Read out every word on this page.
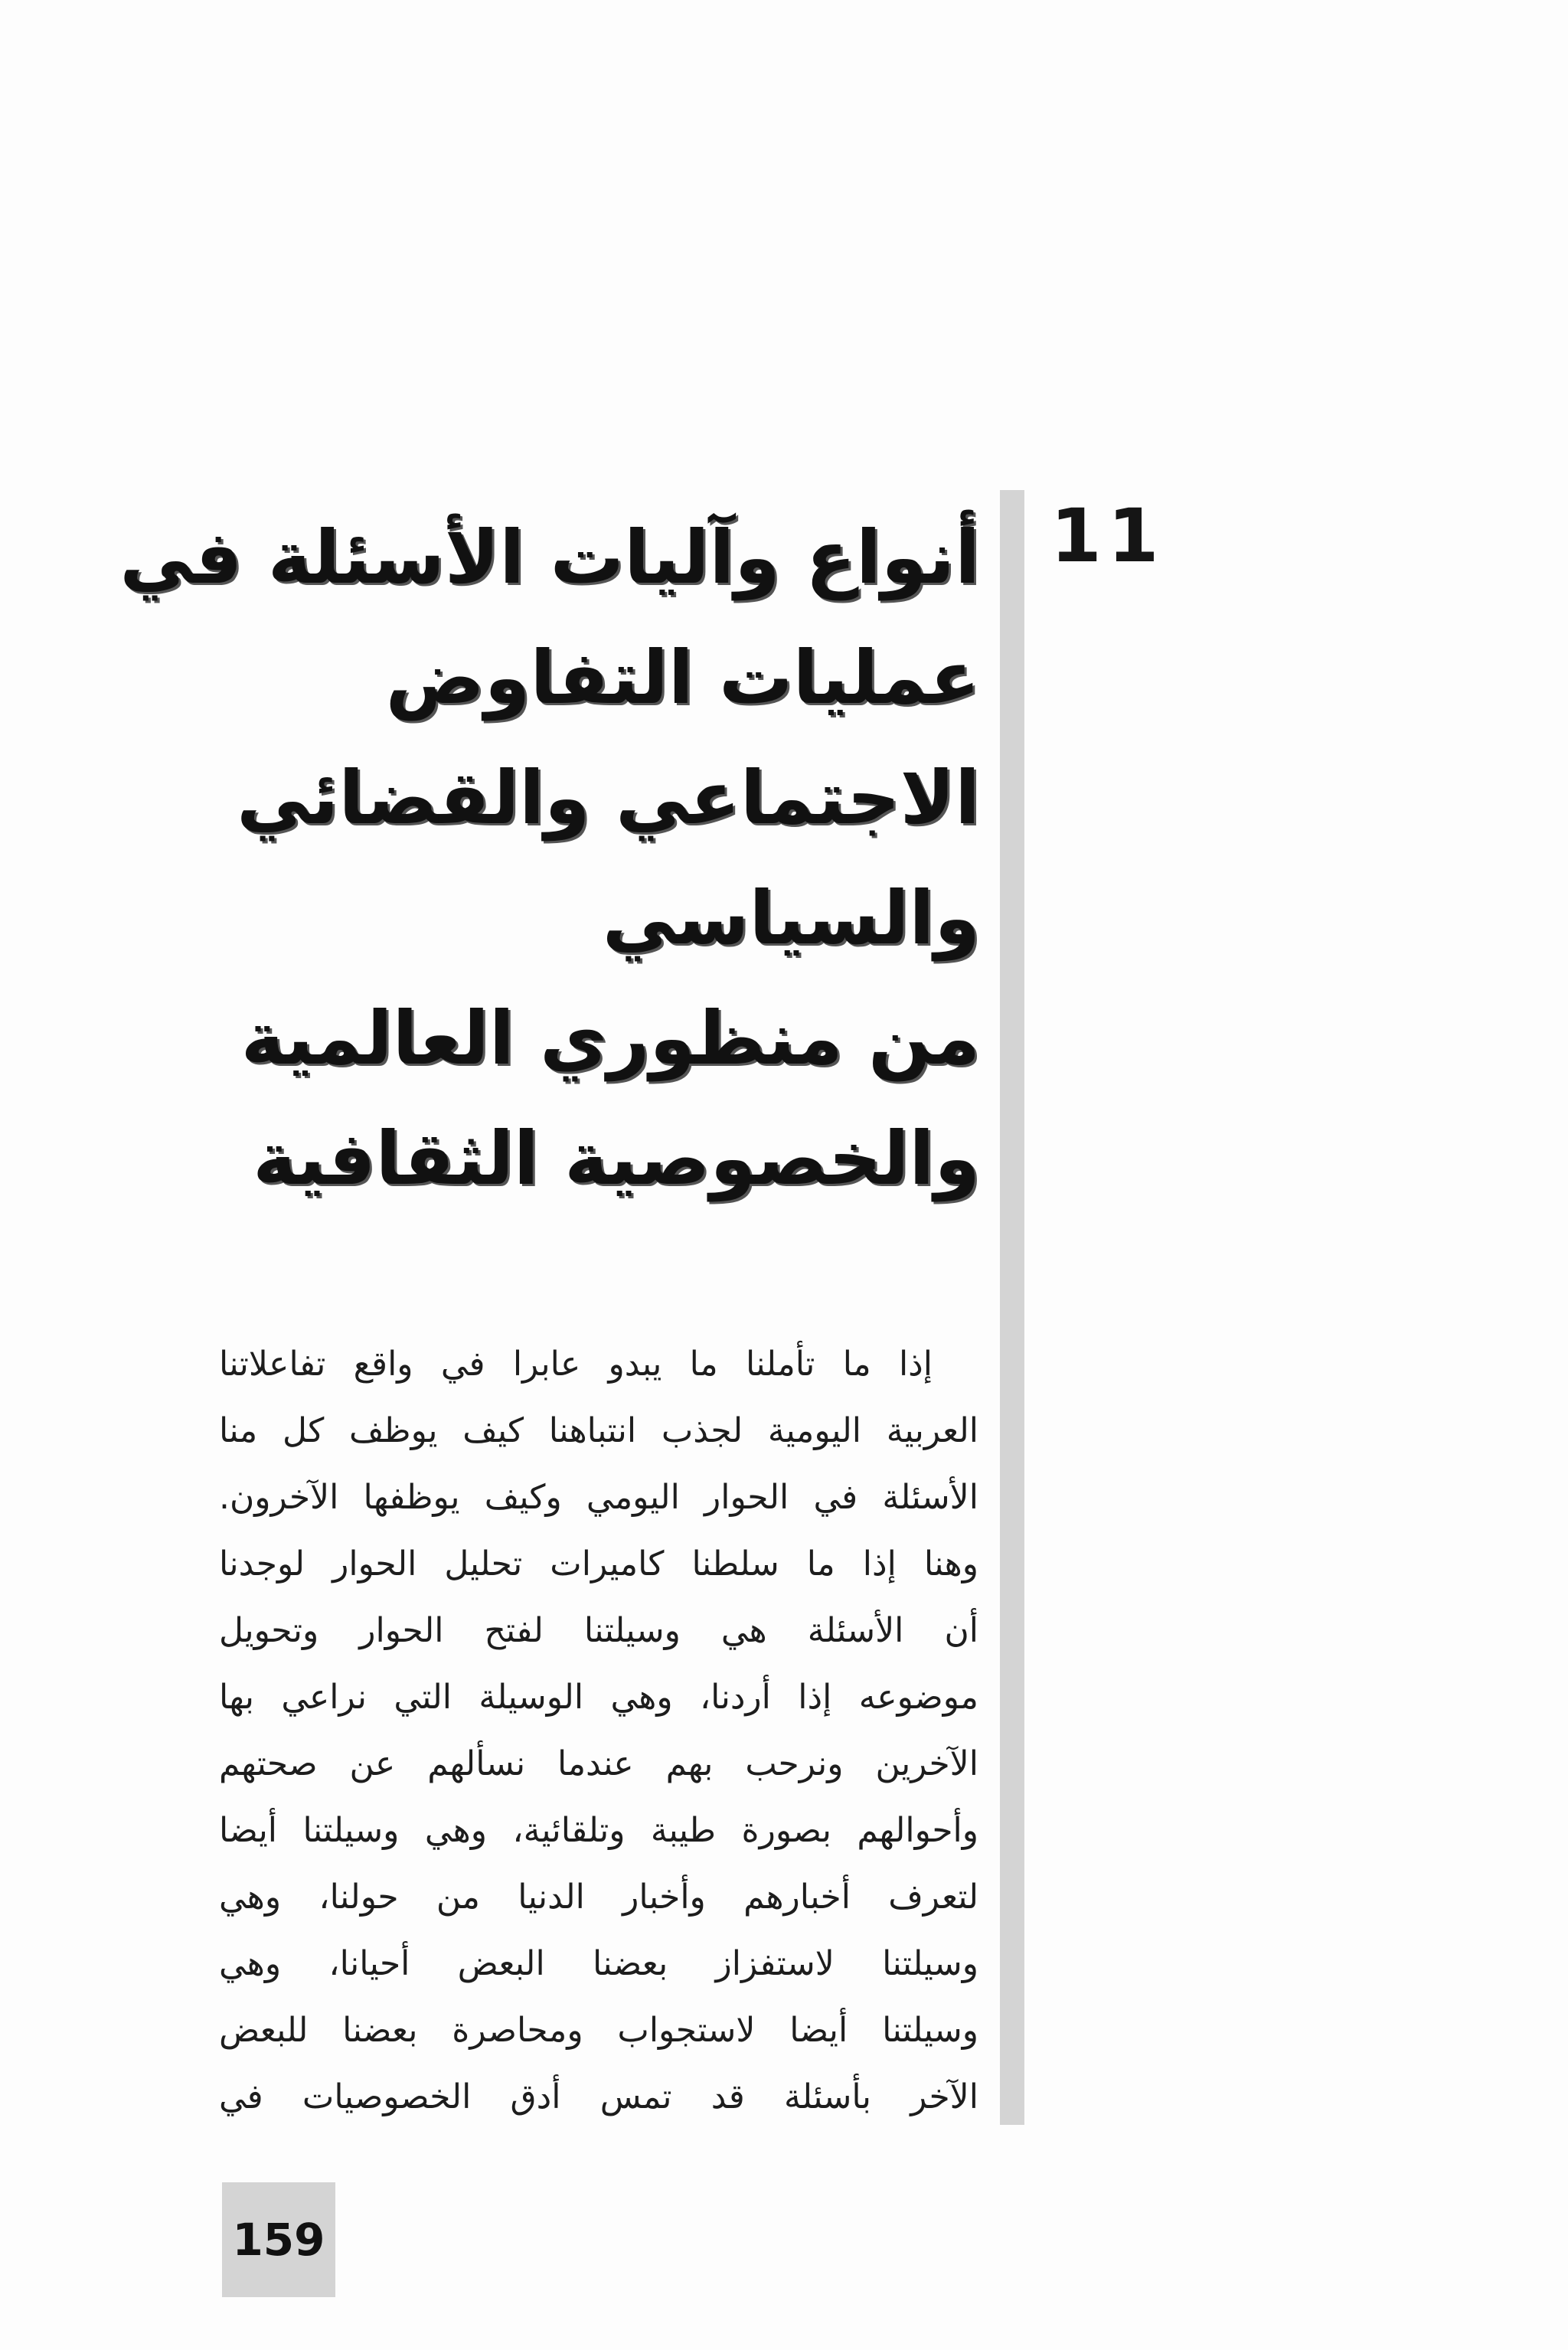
11
أنواع وآليات الأسئلة في
عمليات التفاوض
الاجتماعي والقضائي
والسياسي
من منظوري العالمية
والخصوصية الثقافية
إذا ما تأملنا ما يبدو عابرا في واقع تفاعلاتنا
العربية اليومية لجذب انتباهنا كيف يوظف كل منا
الأسئلة في الحوار اليومي وكيف يوظفها الآخرون.
وهنا إذا ما سلطنا كاميرات تحليل الحوار لوجدنا
أن الأسئلة هي وسيلتنا لفتح الحوار وتحويل
موضوعه إذا أردنا، وهي الوسيلة التي نراعي بها
الآخرين ونرحب بهم عندما نسألهم عن صحتهم
وأحوالهم بصورة طيبة وتلقائية، وهي وسيلتنا أيضا
لتعرف أخبارهم وأخبار الدنيا من حولنا، وهي
وسيلتنا لاستفزاز بعضنا البعض أحيانا، وهي
وسيلتنا أيضا لاستجواب ومحاصرة بعضنا للبعض
الآخر بأسئلة قد تمس أدق الخصوصيات في
159
